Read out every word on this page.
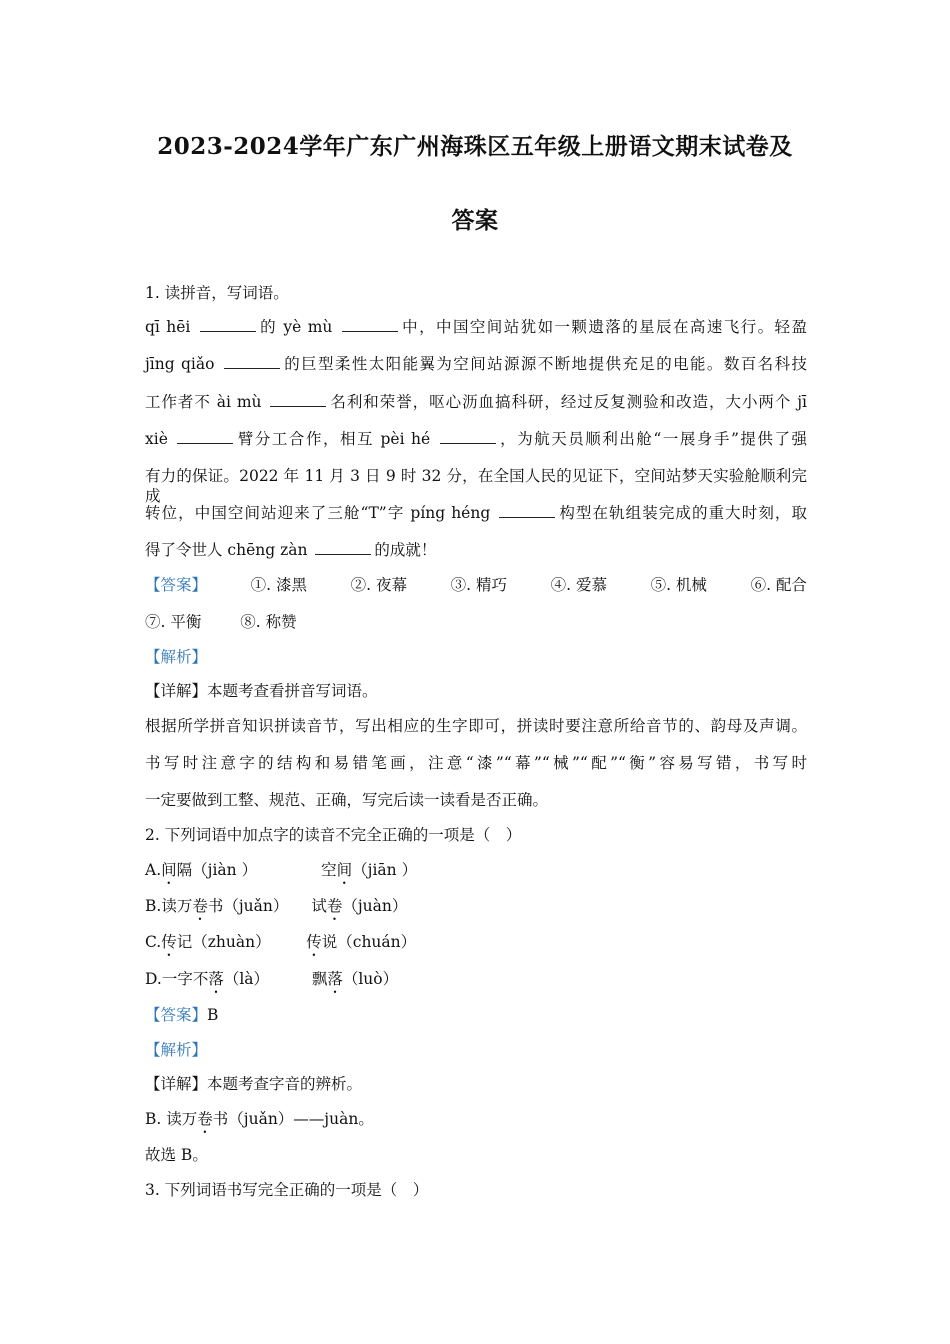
2023-2024学年广东广州海珠区五年级上册语文期末试卷及
答案
1. 读拼音，写词语。
qī hēi	的 yè mù	中，中国空间站犹如一颗遗落的星辰在高速飞行。轻盈
jīng qiǎo	的巨型柔性太阳能翼为空间站源源不断地提供充足的电能。数百名科技
工作者不 ài mù	名利和荣誉，呕心沥血搞科研，经过反复测验和改造，大小两个 jī
xiè	臂分工合作，相互 pèi hé	，为航天员顺利出舱“一展身手”提供了强
有力的保证。2022 年 11 月 3 日 9 时 32 分，在全国人民的见证下，空间站梦天实验舱顺利完成
转位，中国空间站迎来了三舱“T”字 píng héng	构型在轨组装完成的重大时刻，取
得了令世人 chēng zàn	的成就！
【答案】	①. 漆黑	②. 夜幕	③. 精巧	④. 爱慕	⑤. 机械	⑥. 配合
⑦. 平衡	⑧. 称赞
【解析】
【详解】本题考查看拼音写词语。
根据所学拼音知识拼读音节，写出相应的生字即可，拼读时要注意所给音节的、韵母及声调。
书写时注意字的结构和易错笔画，注意“漆”“幕”“械”“配”“衡”容易写错，书写时
一定要做到工整、规范、正确，写完后读一读看是否正确。
2. 下列词语中加点字的读音不完全正确的一项是（　）
A.间隔（jiàn ）	空间（jiān ）
B.读万卷书（juǎn） 试卷（juàn）
C.传记（zhuàn） 传说（chuán）
D.一字不落（là）	飘落（luò）
【答案】B
【解析】
【详解】本题考查字音的辨析。
B. 读万卷书（juǎn）——juàn。
故选 B。
3. 下列词语书写完全正确的一项是（　）
